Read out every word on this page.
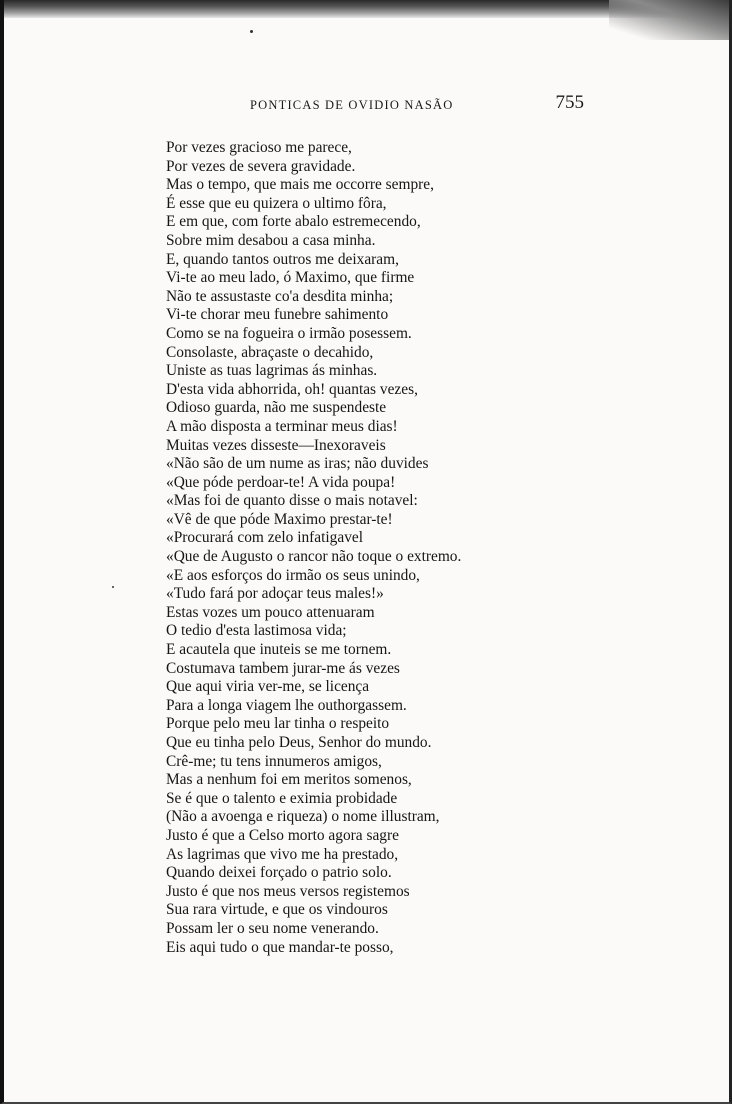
PONTICAS DE OVIDIO NASÃO	755
Por vezes gracioso me parece,
Por vezes de severa gravidade.
Mas o tempo, que mais me occorre sempre,
É esse que eu quizera o ultimo fôra,
E em que, com forte abalo estremecendo,
Sobre mim desabou a casa minha.
E, quando tantos outros me deixaram,
Vi-te ao meu lado, ó Maximo, que firme
Não te assustaste co'a desdita minha;
Vi-te chorar meu funebre sahimento
Como se na fogueira o irmão posessem.
Consolaste, abraçaste o decahido,
Uniste as tuas lagrimas ás minhas.
D'esta vida abhorrida, oh! quantas vezes,
Odioso guarda, não me suspendeste
A mão disposta a terminar meus dias!
Muitas vezes disseste—Inexoraveis
«Não são de um nume as iras; não duvides
«Que póde perdoar-te! A vida poupa!
«Mas foi de quanto disse o mais notavel:
«Vê de que póde Maximo prestar-te!
«Procurará com zelo infatigavel
«Que de Augusto o rancor não toque o extremo.
«E aos esforços do irmão os seus unindo,
«Tudo fará por adoçar teus males!»
Estas vozes um pouco attenuaram
O tedio d'esta lastimosa vida;
E acautela que inuteis se me tornem.
Costumava tambem jurar-me ás vezes
Que aqui viria ver-me, se licença
Para a longa viagem lhe outhorgassem.
Porque pelo meu lar tinha o respeito
Que eu tinha pelo Deus, Senhor do mundo.
Crê-me; tu tens innumeros amigos,
Mas a nenhum foi em meritos somenos,
Se é que o talento e eximia probidade
(Não a avoenga e riqueza) o nome illustram,
Justo é que a Celso morto agora sagre
As lagrimas que vivo me ha prestado,
Quando deixei forçado o patrio solo.
Justo é que nos meus versos registemos
Sua rara virtude, e que os vindouros
Possam ler o seu nome venerando.
Eis aqui tudo o que mandar-te posso,
